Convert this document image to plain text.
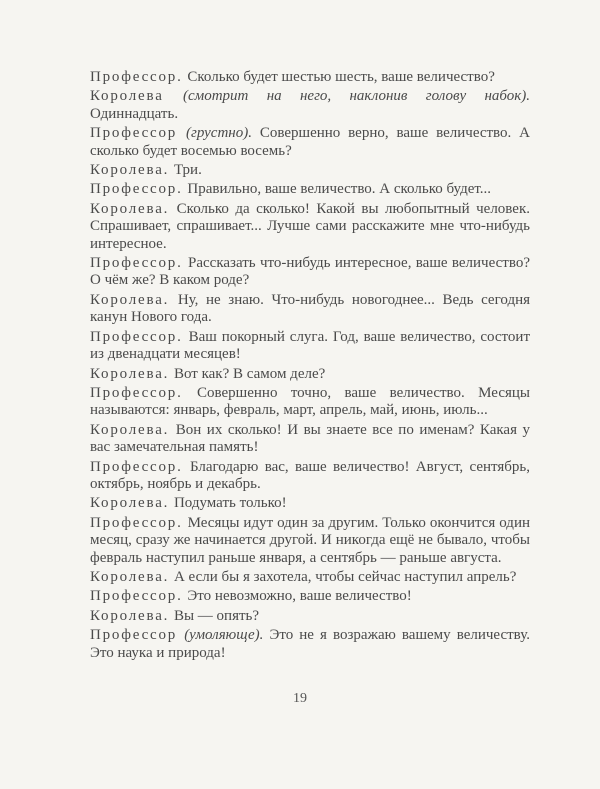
Профессор. Сколько будет шестью шесть, ваше величество?

Королева (смотрит на него, наклонив голову набок). Одиннадцать.

Профессор (грустно). Совершенно верно, ваше величество. А сколько будет восемью восемь?

Королева. Три.

Профессор. Правильно, ваше величество. А сколько будет...

Королева. Сколько да сколько! Какой вы любопытный человек. Спрашивает, спрашивает... Лучше сами расскажите мне что-нибудь интересное.

Профессор. Рассказать что-нибудь интересное, ваше величество? О чём же? В каком роде?

Королева. Ну, не знаю. Что-нибудь новогоднее... Ведь сегодня канун Нового года.

Профессор. Ваш покорный слуга. Год, ваше величество, состоит из двенадцати месяцев!

Королева. Вот как? В самом деле?

Профессор. Совершенно точно, ваше величество. Месяцы называются: январь, февраль, март, апрель, май, июнь, июль...

Королева. Вон их сколько! И вы знаете все по именам? Какая у вас замечательная память!

Профессор. Благодарю вас, ваше величество! Август, сентябрь, октябрь, ноябрь и декабрь.

Королева. Подумать только!

Профессор. Месяцы идут один за другим. Только окончится один месяц, сразу же начинается другой. И никогда ещё не бывало, чтобы февраль наступил раньше января, а сентябрь — раньше августа.

Королева. А если бы я захотела, чтобы сейчас наступил апрель?

Профессор. Это невозможно, ваше величество!

Королева. Вы — опять?

Профессор (умоляюще). Это не я возражаю вашему величеству. Это наука и природа!

19
